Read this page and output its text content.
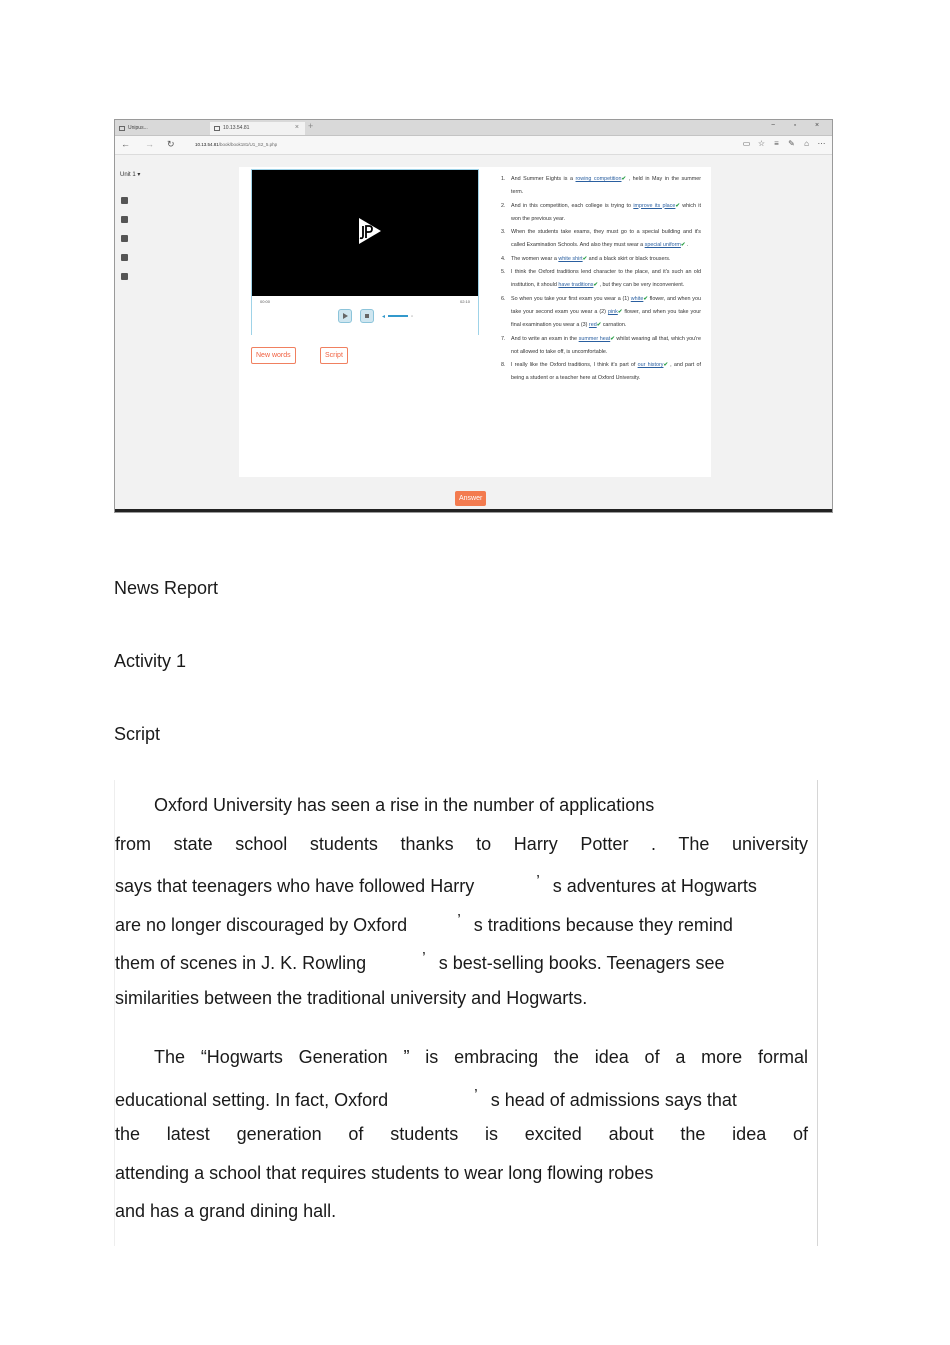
Unipus...	10.13.54.81	× +	−	▫	×
← → ↻	10.13.54.81/book/book181/U1_S2_5.php	▭ ☆ ≡ ✎ ⌂ ⋯
Unit 1 ▾
00:00	02:10
◂	▫
New words	Script
1.	And Summer Eights is a rowing competition✔ , held in May in the summer term.
2.	And in this competition, each college is trying to improve its place✔ which it won the previous year.
3.	When the students take exams, they must go to a special building and it's called Examination Schools. And also they must wear a special uniform✔ .
4.	The women wear a white shirt✔ and a black skirt or black trousers.
5.	I think the Oxford traditions lend character to the place, and it's such an old institution, it should have traditions✔ , but they can be very inconvenient.
6.	So when you take your first exam you wear a (1) white✔ flower, and when you take your second exam you wear a (2) pink✔ flower, and when you take your final examination you wear a (3) red✔ carnation.
7.	And to write an exam in the summer heat✔ whilst wearing all that, which you're not allowed to take off, is uncomfortable.
8.	I really like the Oxford traditions, I think it's part of our history✔ , and part of being a student or a teacher here at Oxford University.
Answer
News Report
Activity 1
Script
Oxford University has seen a rise in the number of applications
from state school students thanks to Harry Potter . The university
says that teenagers who have followed Harry	’ s adventures at Hogwarts
are no longer discouraged by Oxford	’ s traditions because they remind
them of scenes in J. K. Rowling	’ s best-selling books. Teenagers see
similarities between the traditional university and Hogwarts.
The “Hogwarts Generation ” is embracing the idea of a more formal
educational setting. In fact, Oxford	’ s head of admissions says that
the latest generation of students is excited about the idea of
attending a school that requires students to wear long flowing robes
and has a grand dining hall.
